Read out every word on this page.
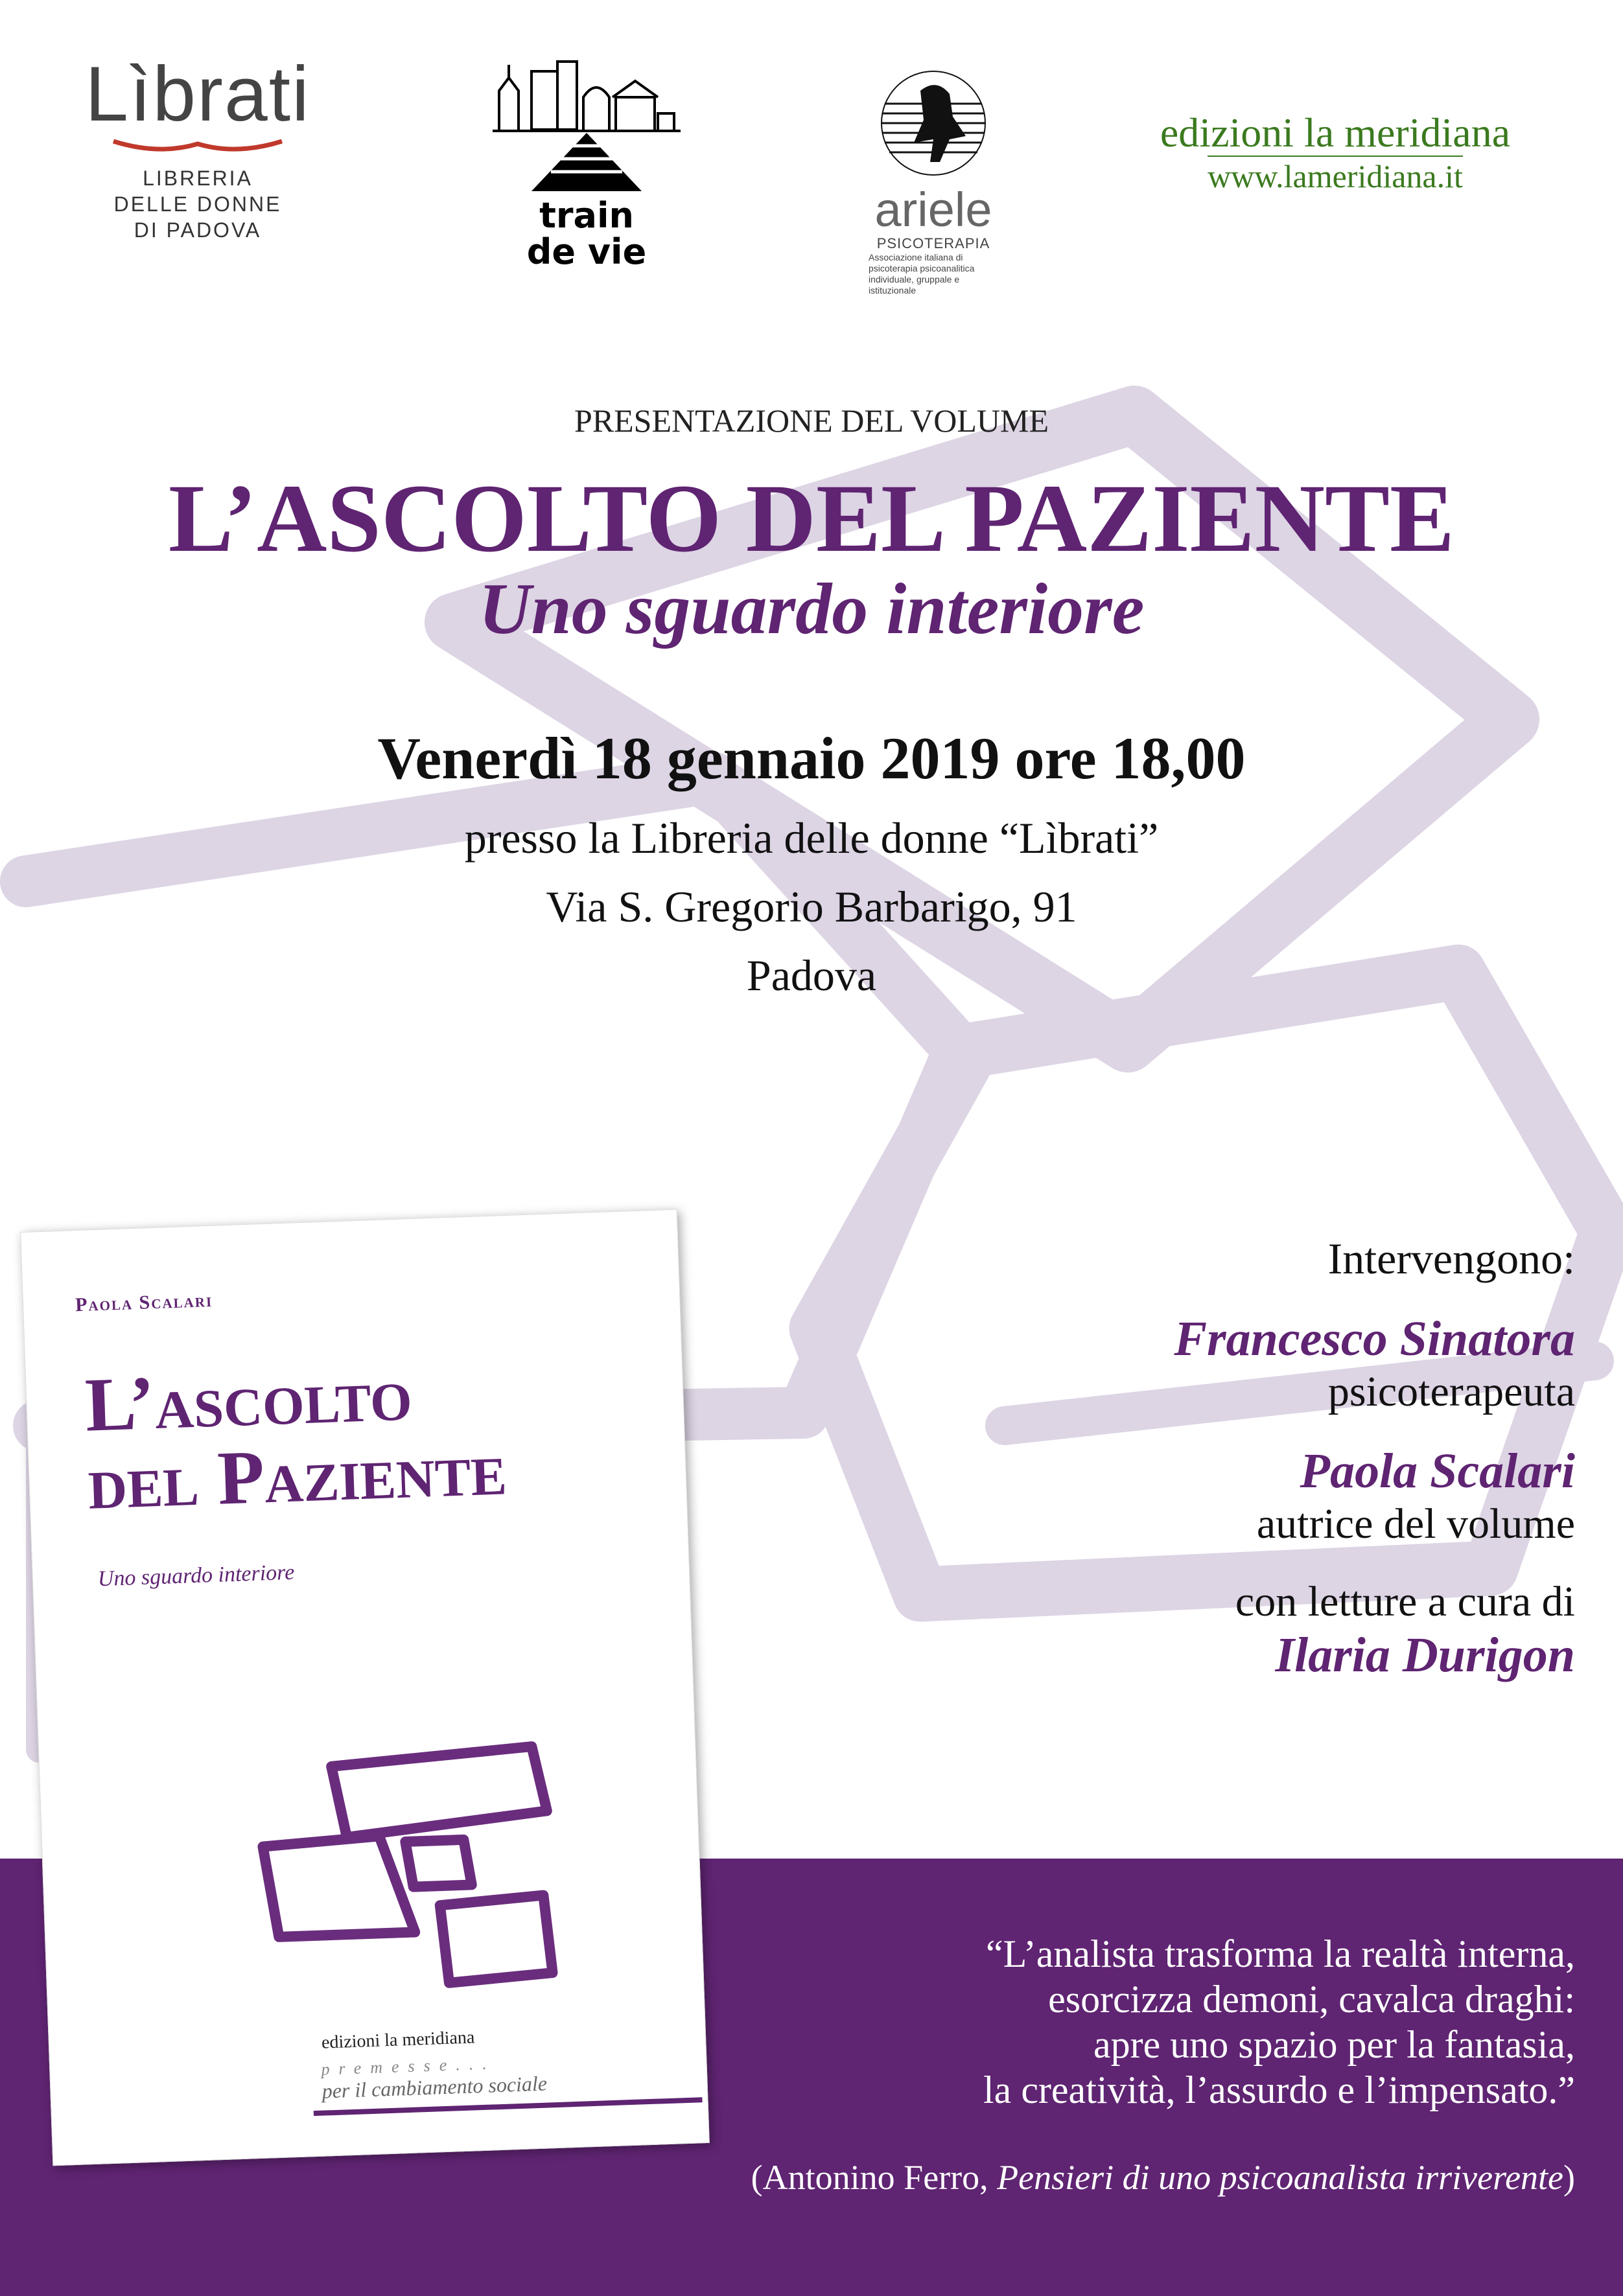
Lìbrati
LIBRERIA
DELLE DONNE
DI PADOVA	train
de vie
ariele
PSICOTERAPIA
Associazione italiana di psicoterapia psicoanalitica individuale, gruppale e istituzionale
edizioni la meridiana
www.lameridiana.it
PRESENTAZIONE DEL VOLUME
L’ASCOLTO DEL PAZIENTE
Uno sguardo interiore
Venerdì 18 gennaio 2019 ore 18,00
presso la Libreria delle donne “Lìbrati”
Via S. Gregorio Barbarigo, 91
Padova
Intervengono:
Francesco Sinatora
psicoterapeuta
Paola Scalari
autrice del volume
con letture a cura di
Ilaria Durigon
Paola Scalari
L’ascolto
del Paziente
Uno sguardo interiore
edizioni la meridiana
premesse...
per il cambiamento sociale
“L’analista trasforma la realtà interna,
esorcizza demoni, cavalca draghi:
apre uno spazio per la fantasia,
la creatività, l’assurdo e l’impensato.”
(Antonino Ferro, Pensieri di uno psicoanalista irriverente)
